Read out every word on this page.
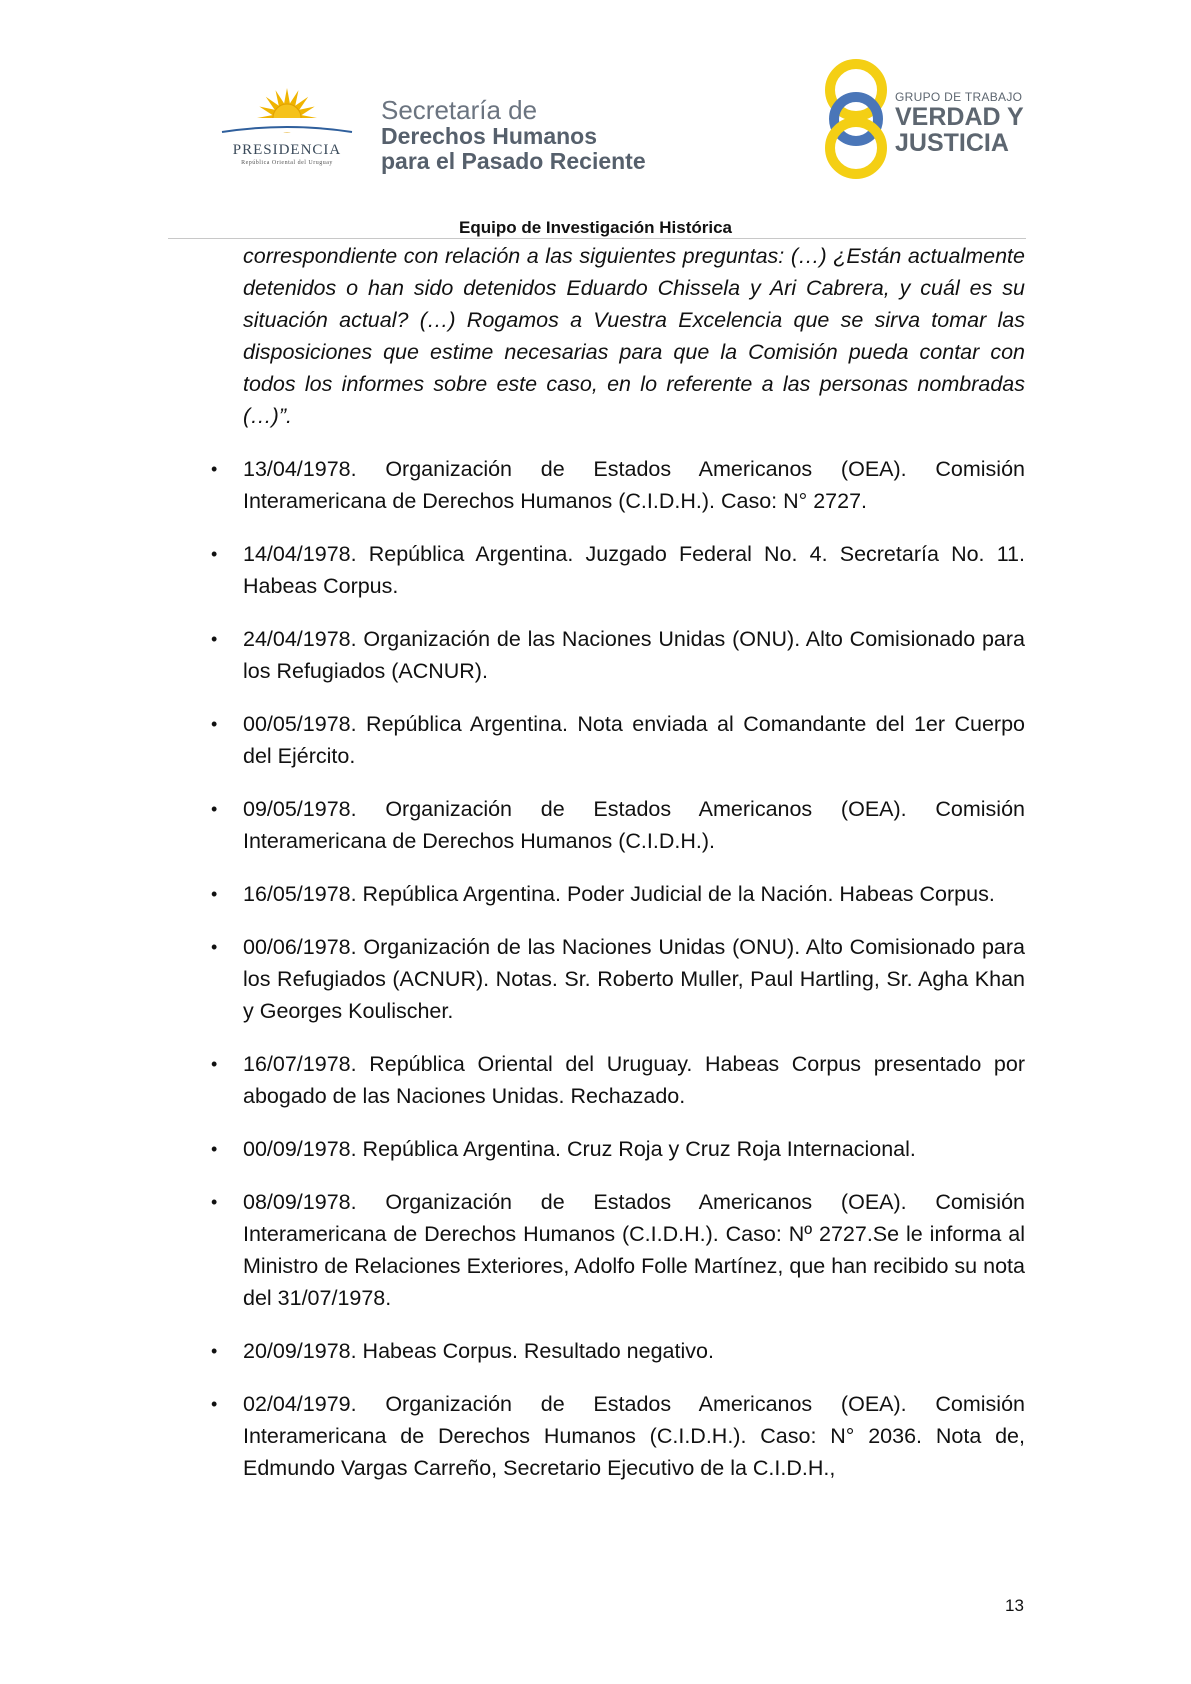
PRESIDENCIA
República Oriental del Uruguay
Secretaría de
Derechos Humanos
para el Pasado Reciente
GRUPO DE TRABAJO
VERDAD Y
JUSTICIA
Equipo de Investigación Histórica

correspondiente con relación a las siguientes preguntas: (…) ¿Están actualmente detenidos o han sido detenidos Eduardo Chissela y Ari Cabrera, y cuál es su situación actual? (…) Rogamos a Vuestra Excelencia que se sirva tomar las disposiciones que estime necesarias para que la Comisión pueda contar con todos los informes sobre este caso, en lo referente a las personas nombradas (…)”.

• 13/04/1978. Organización de Estados Americanos (OEA). Comisión Interamericana de Derechos Humanos (C.I.D.H.). Caso: N° 2727.
• 14/04/1978. República Argentina. Juzgado Federal No. 4. Secretaría No. 11. Habeas Corpus.
• 24/04/1978. Organización de las Naciones Unidas (ONU). Alto Comisionado para los Refugiados (ACNUR).
• 00/05/1978. República Argentina. Nota enviada al Comandante del 1er Cuerpo del Ejército.
• 09/05/1978. Organización de Estados Americanos (OEA). Comisión Interamericana de Derechos Humanos (C.I.D.H.).
• 16/05/1978. República Argentina. Poder Judicial de la Nación. Habeas Corpus.
• 00/06/1978. Organización de las Naciones Unidas (ONU). Alto Comisionado para los Refugiados (ACNUR). Notas. Sr. Roberto Muller, Paul Hartling, Sr. Agha Khan y Georges Koulischer.
• 16/07/1978. República Oriental del Uruguay. Habeas Corpus presentado por abogado de las Naciones Unidas. Rechazado.
• 00/09/1978. República Argentina. Cruz Roja y Cruz Roja Internacional.
• 08/09/1978. Organización de Estados Americanos (OEA). Comisión Interamericana de Derechos Humanos (C.I.D.H.). Caso: Nº 2727.Se le informa al Ministro de Relaciones Exteriores, Adolfo Folle Martínez, que han recibido su nota del 31/07/1978.
• 20/09/1978. Habeas Corpus. Resultado negativo.
• 02/04/1979. Organización de Estados Americanos (OEA). Comisión Interamericana de Derechos Humanos (C.I.D.H.). Caso: N° 2036. Nota de, Edmundo Vargas Carreño, Secretario Ejecutivo de la C.I.D.H.,
13
